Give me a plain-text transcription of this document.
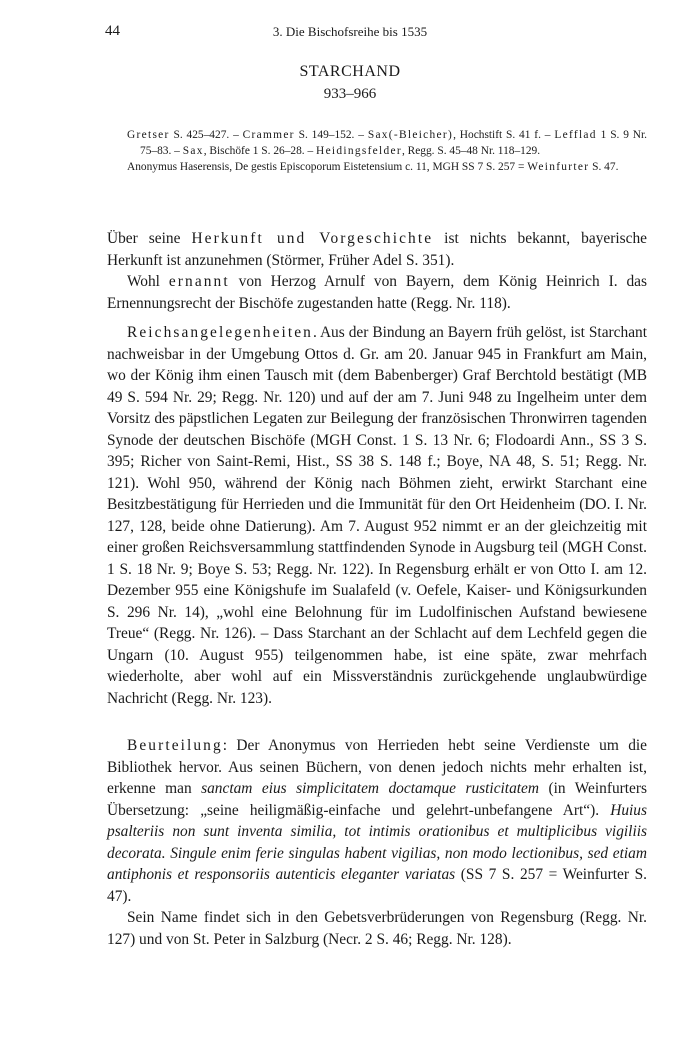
44	3. Die Bischofsreihe bis 1535
STARCHAND
933–966

Gretser S. 425–427. – Crammer S. 149–152. – Sax(-Bleicher), Hochstift S. 41 f. – Lefflad 1 S. 9 Nr. 75–83. – Sax, Bischöfe 1 S. 26–28. – Heidingsfelder, Regg. S. 45–48 Nr. 118–129.

Anonymus Haserensis, De gestis Episcoporum Eistetensium c. 11, MGH SS 7 S. 257 = Weinfurter S. 47.

Über seine Herkunft und Vorgeschichte ist nichts bekannt, bayerische Herkunft ist anzunehmen (Störmer, Früher Adel S. 351).

Wohl ernannt von Herzog Arnulf von Bayern, dem König Heinrich I. das Ernennungsrecht der Bischöfe zugestanden hatte (Regg. Nr. 118).

Reichsangelegenheiten. Aus der Bindung an Bayern früh gelöst, ist Starchant nachweisbar in der Umgebung Ottos d. Gr. am 20. Januar 945 in Frankfurt am Main, wo der König ihm einen Tausch mit (dem Babenberger) Graf Berchtold bestätigt (MB 49 S. 594 Nr. 29; Regg. Nr. 120) und auf der am 7. Juni 948 zu Ingelheim unter dem Vorsitz des päpstlichen Legaten zur Beilegung der französischen Thronwirren tagenden Synode der deutschen Bischöfe (MGH Const. 1 S. 13 Nr. 6; Flodoardi Ann., SS 3 S. 395; Richer von Saint-Remi, Hist., SS 38 S. 148 f.; Boye, NA 48, S. 51; Regg. Nr. 121). Wohl 950, während der König nach Böhmen zieht, erwirkt Starchant eine Besitzbestätigung für Herrieden und die Immunität für den Ort Heidenheim (DO. I. Nr. 127, 128, beide ohne Datierung). Am 7. August 952 nimmt er an der gleichzeitig mit einer großen Reichsversammlung stattfindenden Synode in Augsburg teil (MGH Const. 1 S. 18 Nr. 9; Boye S. 53; Regg. Nr. 122). In Regensburg erhält er von Otto I. am 12. Dezember 955 eine Königshufe im Sualafeld (v. Oefele, Kaiser- und Königsurkunden S. 296 Nr. 14), „wohl eine Belohnung für im Ludolfinischen Aufstand bewiesene Treue“ (Regg. Nr. 126). – Dass Starchant an der Schlacht auf dem Lechfeld gegen die Ungarn (10. August 955) teilgenommen habe, ist eine späte, zwar mehrfach wiederholte, aber wohl auf ein Missverständnis zurückgehende unglaubwürdige Nachricht (Regg. Nr. 123).

Beurteilung: Der Anonymus von Herrieden hebt seine Verdienste um die Bibliothek hervor. Aus seinen Büchern, von denen jedoch nichts mehr erhalten ist, erkenne man sanctam eius simplicitatem doctamque rusticitatem (in Weinfurters Übersetzung: „seine heiligmäßig-einfache und gelehrt-unbefangene Art“). Huius psalteriis non sunt inventa similia, tot intimis orationibus et multiplicibus vigiliis decorata. Singule enim ferie singulas habent vigilias, non modo lectionibus, sed etiam antiphonis et responsoriis autenticis eleganter variatas (SS 7 S. 257 = Weinfurter S. 47).

Sein Name findet sich in den Gebetsverbrüderungen von Regensburg (Regg. Nr. 127) und von St. Peter in Salzburg (Necr. 2 S. 46; Regg. Nr. 128).
